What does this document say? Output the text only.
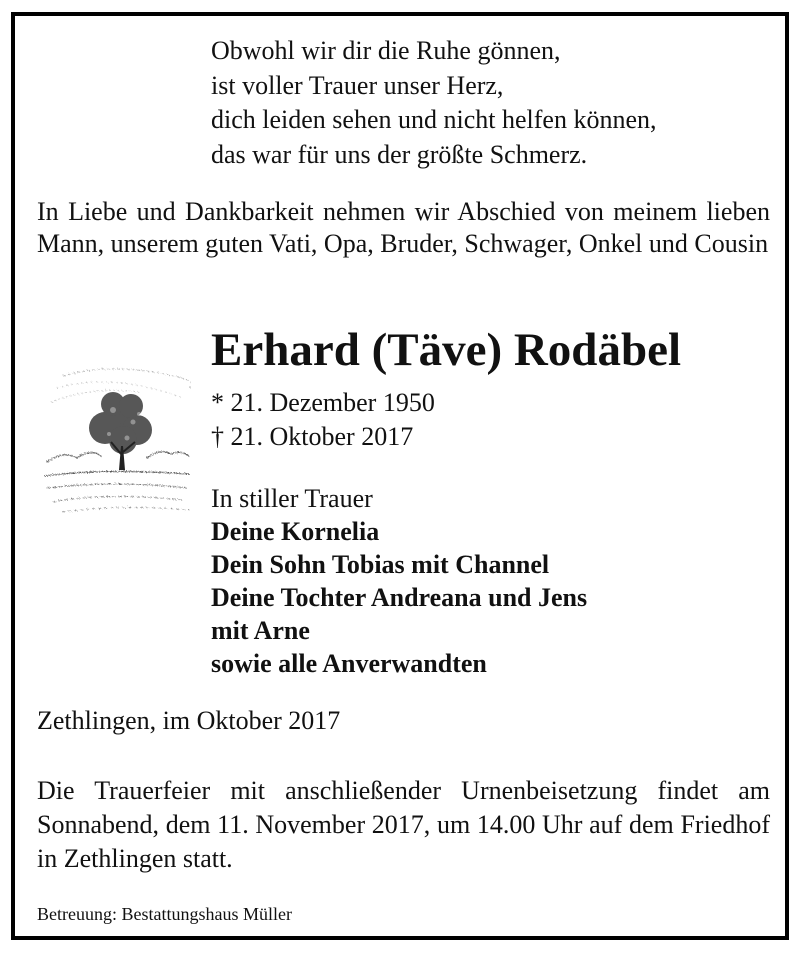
Obwohl wir dir die Ruhe gönnen,
ist voller Trauer unser Herz,
dich leiden sehen und nicht helfen können,
das war für uns der größte Schmerz.
In Liebe und Dankbarkeit nehmen wir Abschied von meinem lieben Mann, unserem guten Vati, Opa, Bruder, Schwager, Onkel und Cousin
Erhard (Täve) Rodäbel
* 21. Dezember 1950
† 21. Oktober 2017
In stiller Trauer
Deine Kornelia
Dein Sohn Tobias mit Channel
Deine Tochter Andreana und Jens
mit Arne
sowie alle Anverwandten
Zethlingen, im Oktober 2017
Die Trauerfeier mit anschließender Urnenbeisetzung findet am Sonnabend, dem 11. November 2017, um 14.00 Uhr auf dem Friedhof in Zethlingen statt.
Betreuung: Bestattungshaus Müller
